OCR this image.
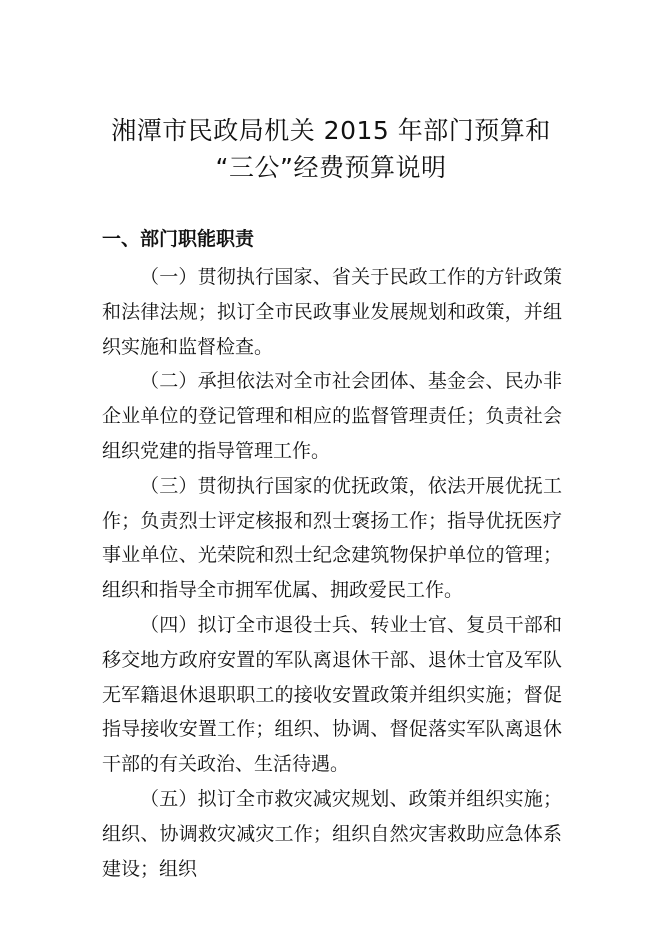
湘潭市民政局机关 2015 年部门预算和
“三公”经费预算说明
一、部门职能职责

（一）贯彻执行国家、省关于民政工作的方针政策和法律法规；拟订全市民政事业发展规划和政策，并组织实施和监督检查。

（二）承担依法对全市社会团体、基金会、民办非企业单位的登记管理和相应的监督管理责任；负责社会组织党建的指导管理工作。

（三）贯彻执行国家的优抚政策，依法开展优抚工作；负责烈士评定核报和烈士褒扬工作；指导优抚医疗事业单位、光荣院和烈士纪念建筑物保护单位的管理；组织和指导全市拥军优属、拥政爱民工作。

（四）拟订全市退役士兵、转业士官、复员干部和移交地方政府安置的军队离退休干部、退休士官及军队无军籍退休退职职工的接收安置政策并组织实施；督促指导接收安置工作；组织、协调、督促落实军队离退休干部的有关政治、生活待遇。

（五）拟订全市救灾减灾规划、政策并组织实施；组织、协调救灾减灾工作；组织自然灾害救助应急体系建设；组织
